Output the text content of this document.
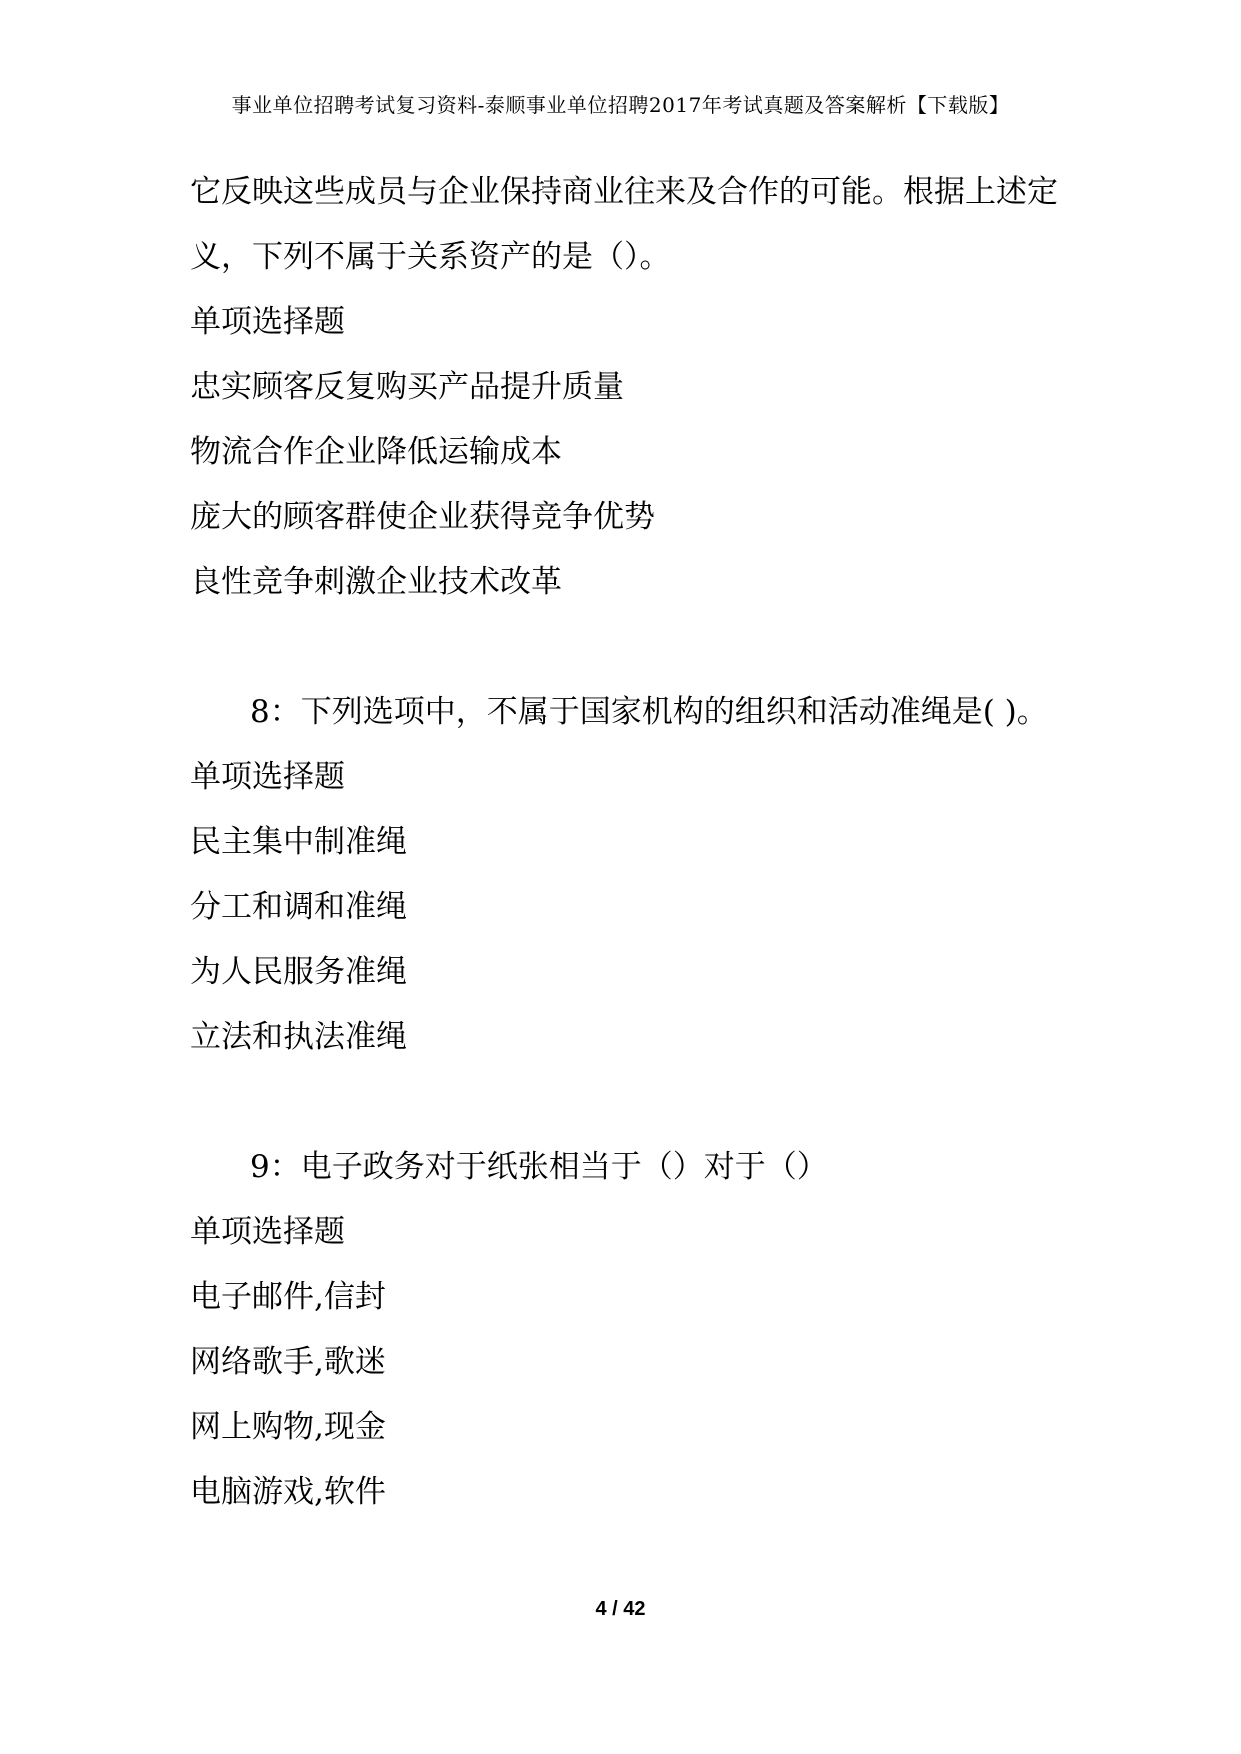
事业单位招聘考试复习资料-泰顺事业单位招聘2017年考试真题及答案解析【下载版】
它反映这些成员与企业保持商业往来及合作的可能。根据上述定
义，下列不属于关系资产的是（）。
单项选择题
忠实顾客反复购买产品提升质量
物流合作企业降低运输成本
庞大的顾客群使企业获得竞争优势
良性竞争刺激企业技术改革
8：下列选项中，不属于国家机构的组织和活动准绳是( )。
单项选择题
民主集中制准绳
分工和调和准绳
为人民服务准绳
立法和执法准绳
9：电子政务对于纸张相当于（）对于（）
单项选择题
电子邮件,信封
网络歌手,歌迷
网上购物,现金
电脑游戏,软件
4 / 42
